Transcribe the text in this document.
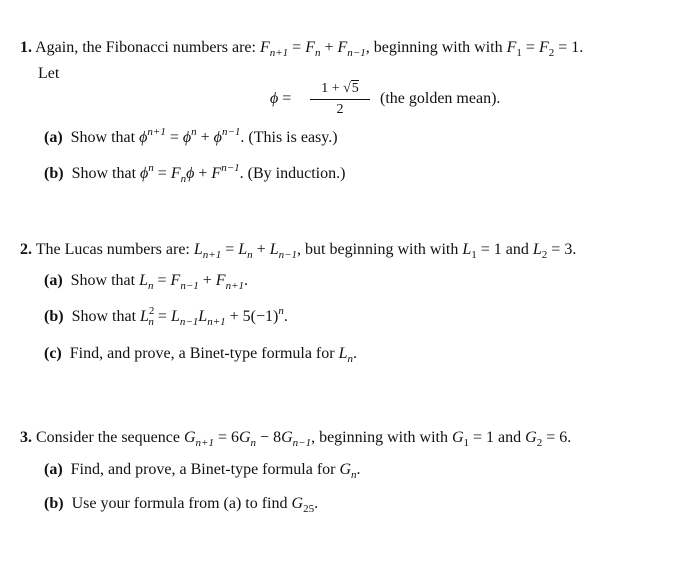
1. Again, the Fibonacci numbers are: $F_{n+1} = F_n + F_{n-1}$, beginning with with $F_1 = F_2 = 1$.
Let
ϕ =
1 + √5
2
(the golden mean).
(a) Show that $\phi^{n+1} = \phi^n + \phi^{n-1}$. (This is easy.)
(b) Show that $\phi^n = F_n\phi + F^{n-1}$. (By induction.)
2. The Lucas numbers are: $L_{n+1} = L_n + L_{n-1}$, but beginning with with $L_1 = 1$ and $L_2 = 3$.
(a) Show that $L_n = F_{n-1} + F_{n+1}$.
(b) Show that $L^2_n = L_{n-1}L_{n+1} + 5(-1)^n$.
(c) Find, and prove, a Binet-type formula for $L_n$.
3. Consider the sequence $G_{n+1} = 6G_n - 8G_{n-1}$, beginning with with $G_1 = 1$ and $G_2 = 6$.
(a) Find, and prove, a Binet-type formula for $G_n$.
(b) Use your formula from (a) to find $G_{25}$.
